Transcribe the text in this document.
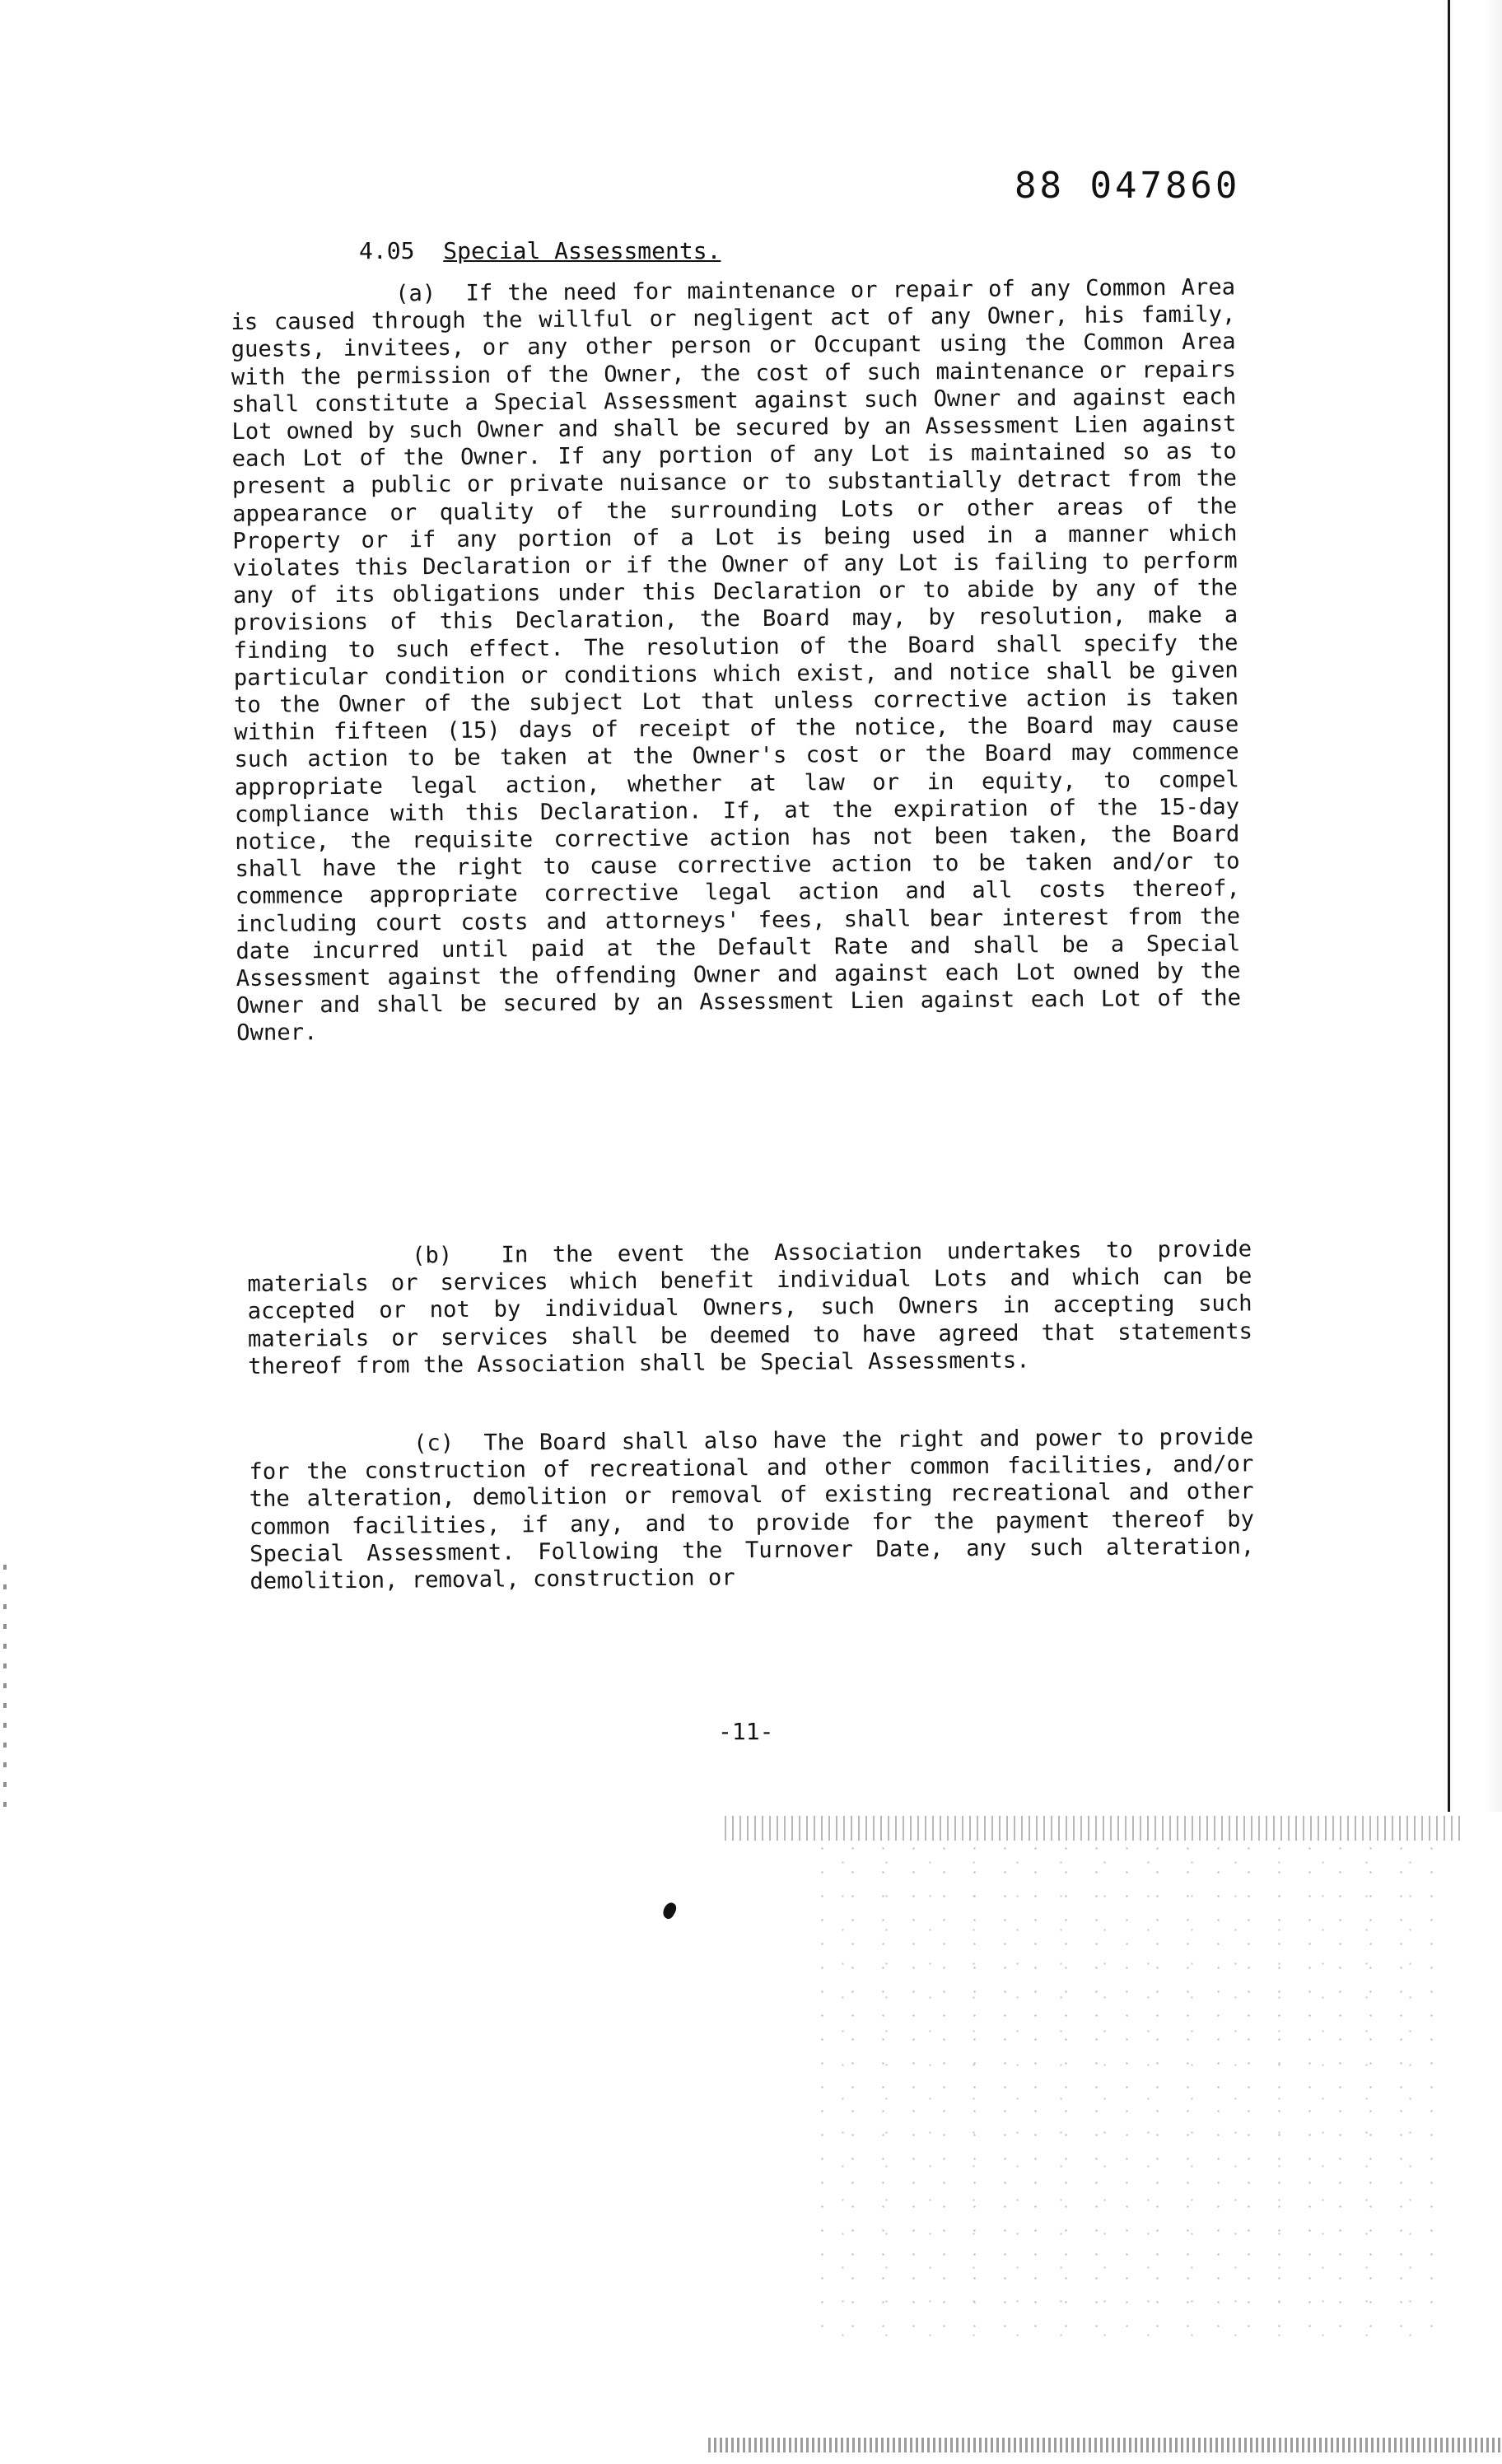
88 047860
4.05 Special Assessments.
(a) If the need for maintenance or repair of any Common Area is caused through the willful or negligent act of any Owner, his family, guests, invitees, or any other person or Occupant using the Common Area with the permission of the Owner, the cost of such maintenance or repairs shall constitute a Special Assessment against such Owner and against each Lot owned by such Owner and shall be secured by an Assessment Lien against each Lot of the Owner. If any portion of any Lot is maintained so as to present a public or private nuisance or to substantially detract from the appearance or quality of the surrounding Lots or other areas of the Property or if any portion of a Lot is being used in a manner which violates this Declaration or if the Owner of any Lot is failing to perform any of its obligations under this Declaration or to abide by any of the provisions of this Declaration, the Board may, by resolution, make a finding to such effect. The resolution of the Board shall specify the particular condition or conditions which exist, and notice shall be given to the Owner of the subject Lot that unless corrective action is taken within fifteen (15) days of receipt of the notice, the Board may cause such action to be taken at the Owner's cost or the Board may commence appropriate legal action, whether at law or in equity, to compel compliance with this Declaration. If, at the expiration of the 15-day notice, the requisite corrective action has not been taken, the Board shall have the right to cause corrective action to be taken and/or to commence appropriate corrective legal action and all costs thereof, including court costs and attorneys' fees, shall bear interest from the date incurred until paid at the Default Rate and shall be a Special Assessment against the offending Owner and against each Lot owned by the Owner and shall be secured by an Assessment Lien against each Lot of the Owner.
(b) In the event the Association undertakes to provide materials or services which benefit individual Lots and which can be accepted or not by individual Owners, such Owners in accepting such materials or services shall be deemed to have agreed that statements thereof from the Association shall be Special Assessments.
(c) The Board shall also have the right and power to provide for the construction of recreational and other common facilities, and/or the alteration, demolition or removal of existing recreational and other common facilities, if any, and to provide for the payment thereof by Special Assessment. Following the Turnover Date, any such alteration, demolition, removal, construction or
-11-
